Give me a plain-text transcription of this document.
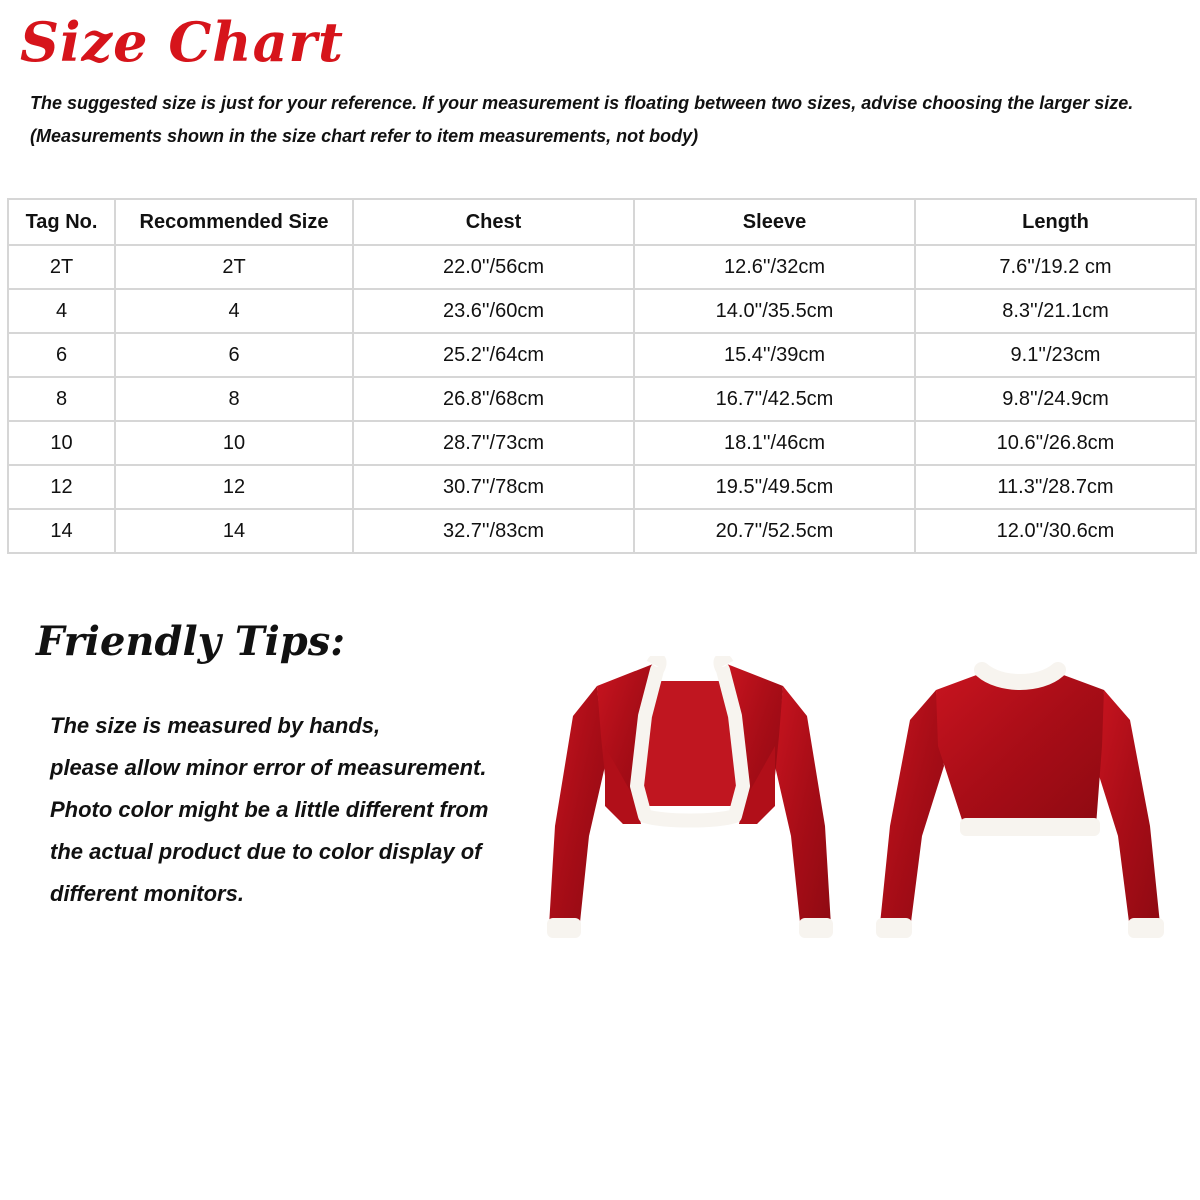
Size Chart
The suggested size is just for your reference. If your measurement is floating between two sizes, advise choosing the larger size.
(Measurements shown in the size chart refer to item measurements, not body)
Tag No.	Recommended Size	Chest	Sleeve	Length
2T	2T	22.0''/56cm	12.6''/32cm	7.6''/19.2 cm
4	4	23.6''/60cm	14.0''/35.5cm	8.3''/21.1cm
6	6	25.2''/64cm	15.4''/39cm	9.1''/23cm
8	8	26.8''/68cm	16.7''/42.5cm	9.8''/24.9cm
10	10	28.7''/73cm	18.1''/46cm	10.6''/26.8cm
12	12	30.7''/78cm	19.5''/49.5cm	11.3''/28.7cm
14	14	32.7''/83cm	20.7''/52.5cm	12.0''/30.6cm
Friendly Tips:
The size is measured by hands,
please allow minor error of measurement.
Photo color might be a little different from
the actual product due to color display of
different monitors.
